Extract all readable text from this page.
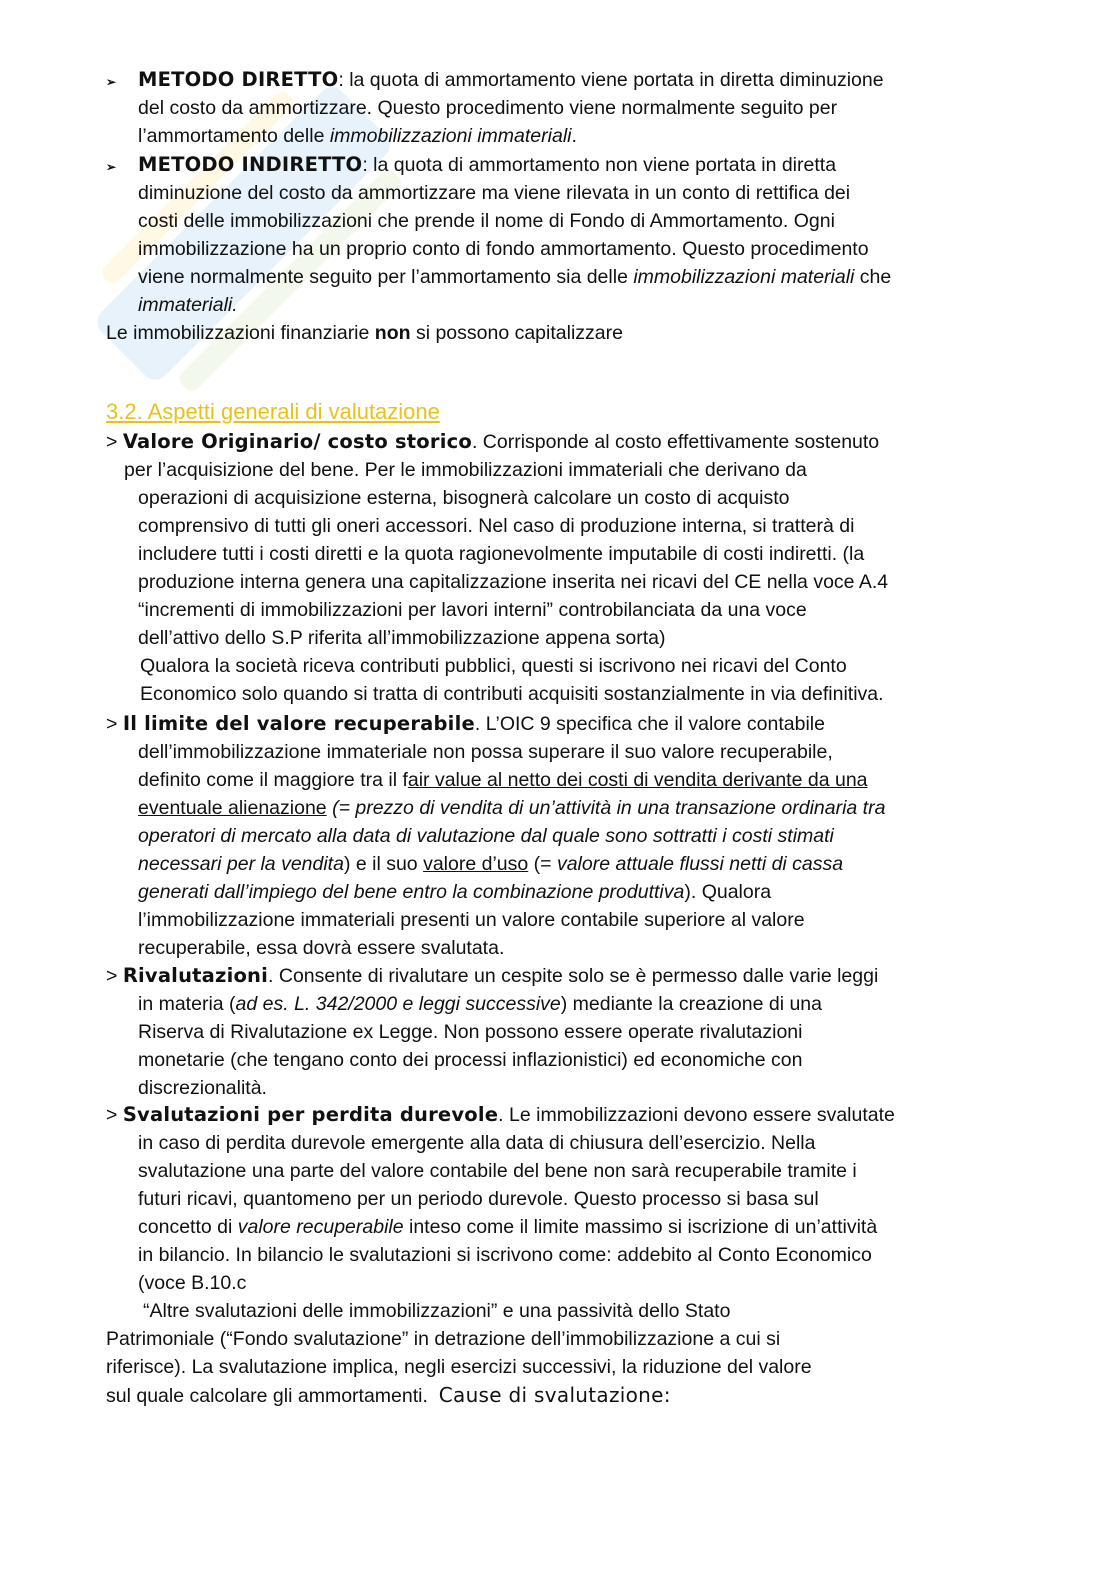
➢ METODO DIRETTO: la quota di ammortamento viene portata in diretta diminuzione
del costo da ammortizzare. Questo procedimento viene normalmente seguito per
l’ammortamento delle immobilizzazioni immateriali.
➢ METODO INDIRETTO: la quota di ammortamento non viene portata in diretta
diminuzione del costo da ammortizzare ma viene rilevata in un conto di rettifica dei
costi delle immobilizzazioni che prende il nome di Fondo di Ammortamento. Ogni
immobilizzazione ha un proprio conto di fondo ammortamento. Questo procedimento
viene normalmente seguito per l’ammortamento sia delle immobilizzazioni materiali che
immateriali.
Le immobilizzazioni finanziarie non si possono capitalizzare
3.2. Aspetti generali di valutazione
> Valore Originario/ costo storico. Corrisponde al costo effettivamente sostenuto
per l’acquisizione del bene. Per le immobilizzazioni immateriali che derivano da
operazioni di acquisizione esterna, bisognerà calcolare un costo di acquisto
comprensivo di tutti gli oneri accessori. Nel caso di produzione interna, si tratterà di
includere tutti i costi diretti e la quota ragionevolmente imputabile di costi indiretti. (la
produzione interna genera una capitalizzazione inserita nei ricavi del CE nella voce A.4
“incrementi di immobilizzazioni per lavori interni” controbilanciata da una voce
dell’attivo dello S.P riferita all’immobilizzazione appena sorta)
Qualora la società riceva contributi pubblici, questi si iscrivono nei ricavi del Conto
Economico solo quando si tratta di contributi acquisiti sostanzialmente in via definitiva.
> Il limite del valore recuperabile. L’OIC 9 specifica che il valore contabile
dell’immobilizzazione immateriale non possa superare il suo valore recuperabile,
definito come il maggiore tra il fair value al netto dei costi di vendita derivante da una
eventuale alienazione (= prezzo di vendita di un’attività in una transazione ordinaria tra
operatori di mercato alla data di valutazione dal quale sono sottratti i costi stimati
necessari per la vendita) e il suo valore d’uso (= valore attuale flussi netti di cassa
generati dall’impiego del bene entro la combinazione produttiva). Qualora
l’immobilizzazione immateriali presenti un valore contabile superiore al valore
recuperabile, essa dovrà essere svalutata.
> Rivalutazioni. Consente di rivalutare un cespite solo se è permesso dalle varie leggi
in materia (ad es. L. 342/2000 e leggi successive) mediante la creazione di una
Riserva di Rivalutazione ex Legge. Non possono essere operate rivalutazioni
monetarie (che tengano conto dei processi inflazionistici) ed economiche con
discrezionalità.
> Svalutazioni per perdita durevole. Le immobilizzazioni devono essere svalutate
in caso di perdita durevole emergente alla data di chiusura dell’esercizio. Nella
svalutazione una parte del valore contabile del bene non sarà recuperabile tramite i
futuri ricavi, quantomeno per un periodo durevole. Questo processo si basa sul
concetto di valore recuperabile inteso come il limite massimo si iscrizione di un’attività
in bilancio. In bilancio le svalutazioni si iscrivono come: addebito al Conto Economico
(voce B.10.c
“Altre svalutazioni delle immobilizzazioni” e una passività dello Stato
Patrimoniale (“Fondo svalutazione” in detrazione dell’immobilizzazione a cui si
riferisce). La svalutazione implica, negli esercizi successivi, la riduzione del valore
sul quale calcolare gli ammortamenti. Cause di svalutazione:
